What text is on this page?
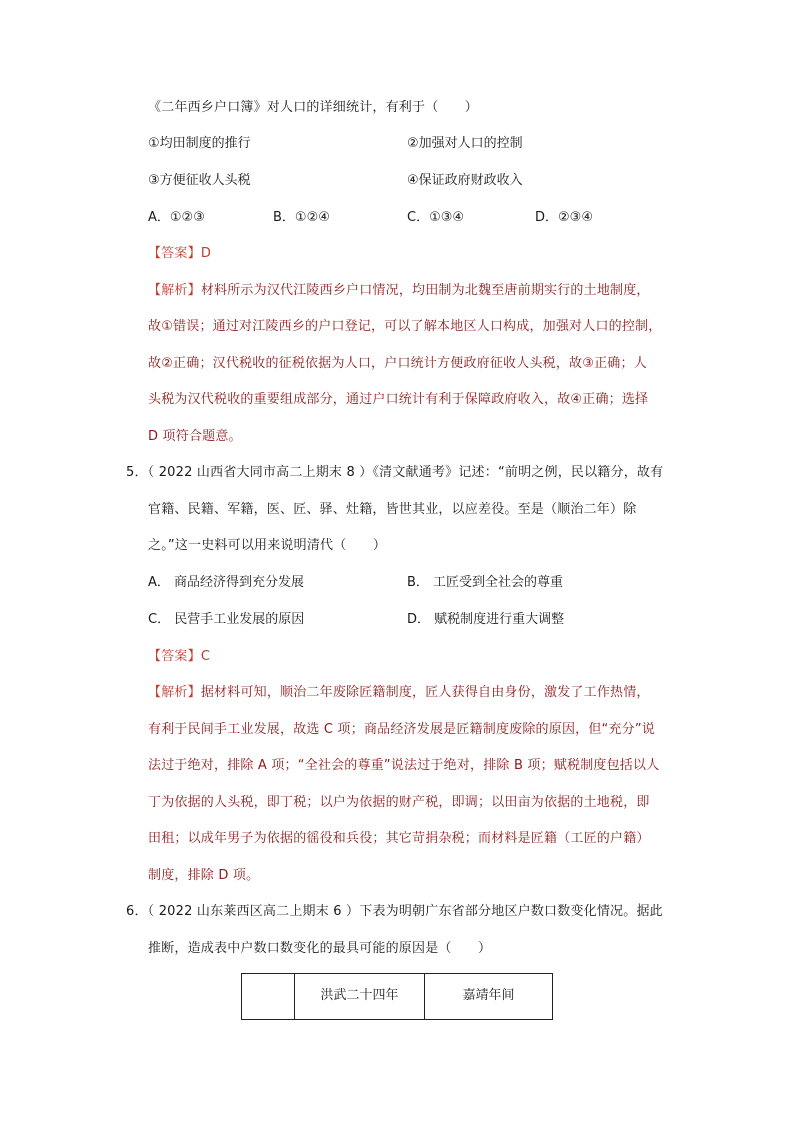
《二年西乡户口簿》对人口的详细统计，有利于（　　）
①均田制度的推行	②加强对人口的控制
③方便征收人头税	④保证政府财政收入
A．①②③	B．①②④	C．①③④	D．②③④
【答案】D
【解析】材料所示为汉代江陵西乡户口情况，均田制为北魏至唐前期实行的土地制度，
故①错误；通过对江陵西乡的户口登记，可以了解本地区人口构成，加强对人口的控制，
故②正确；汉代税收的征税依据为人口，户口统计方便政府征收人头税，故③正确；人
头税为汉代税收的重要组成部分，通过户口统计有利于保障政府收入，故④正确；选择
D 项符合题意。
5．（ 2022 山西省大同市高二上期末 8 ）《清文献通考》记述：“前明之例，民以籍分，故有
官籍、民籍、军籍，医、匠、驿、灶籍，皆世其业，以应差役。至是（顺治二年）除
之。”这一史料可以用来说明清代（　　）
A． 商品经济得到充分发展	B． 工匠受到全社会的尊重
C． 民营手工业发展的原因	D． 赋税制度进行重大调整
【答案】C
【解析】据材料可知，顺治二年废除匠籍制度，匠人获得自由身份，激发了工作热情，
有利于民间手工业发展，故选 C 项；商品经济发展是匠籍制度废除的原因，但“充分”说
法过于绝对，排除 A 项；“全社会的尊重”说法过于绝对，排除 B 项；赋税制度包括以人
丁为依据的人头税，即丁税；以户为依据的财产税，即调；以田亩为依据的土地税，即
田租；以成年男子为依据的徭役和兵役；其它苛捐杂税；而材料是匠籍（工匠的户籍）
制度，排除 D 项。
6．（ 2022 山东莱西区高二上期末 6 ）下表为明朝广东省部分地区户数口数变化情况。据此
推断，造成表中户数口数变化的最具可能的原因是（　　）
	洪武二十四年	嘉靖年间
